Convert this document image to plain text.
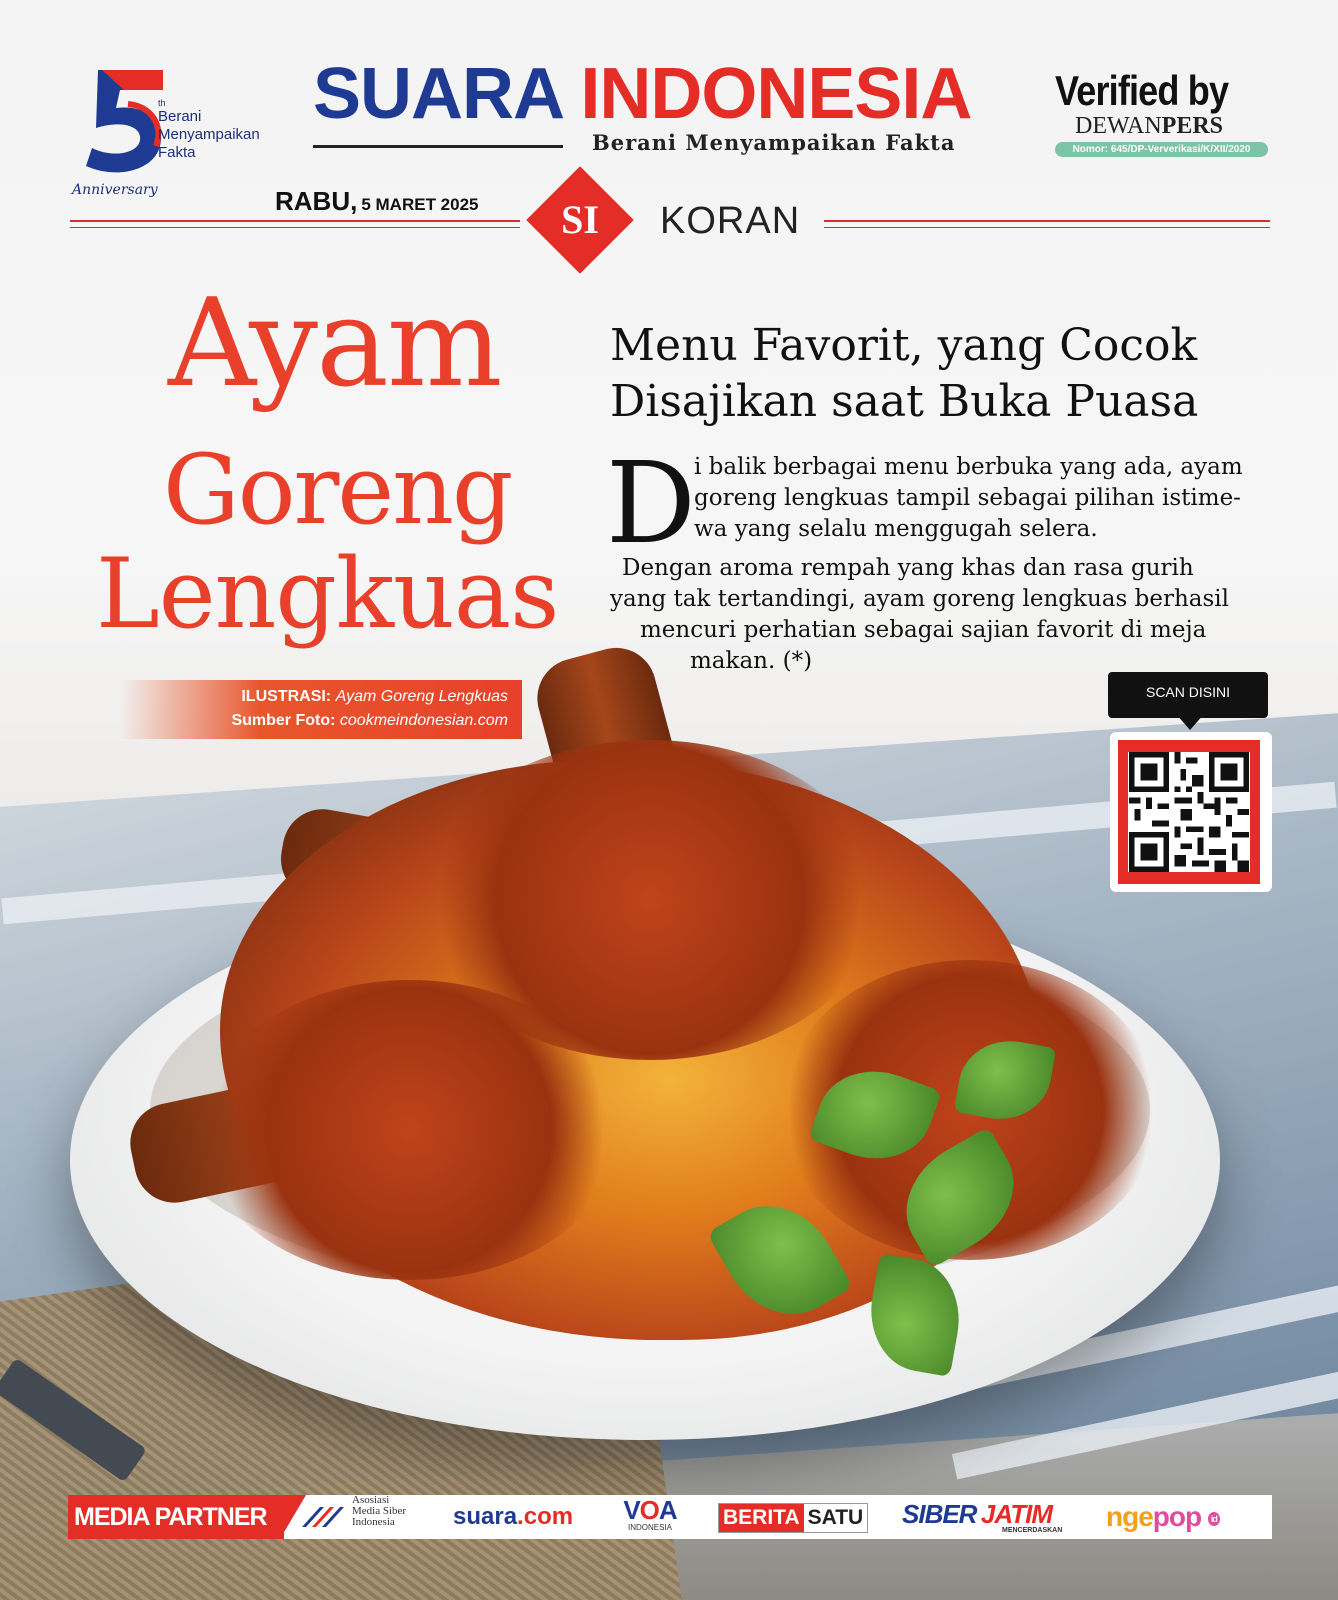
th
Berani
Menyampaikan
Fakta
Anniversary
SUARA INDONESIA
Berani Menyampaikan Fakta
Verified by
DEWANPERS
Nomor: 645/DP-Ververikasi/K/XII/2020
RABU, 5 MARET 2025	SI	KORAN
Ayam
Goreng
Lengkuas
Menu Favorit, yang Cocok
Disajikan saat Buka Puasa
D
i balik berbagai menu berbuka yang ada, ayam
goreng lengkuas tampil sebagai pilihan istime-
wa yang selalu menggugah selera.
Dengan aroma rempah yang khas dan rasa gurih
yang tak tertandingi, ayam goreng lengkuas berhasil
mencuri perhatian sebagai sajian favorit di meja
makan. (*)
ILUSTRASI: Ayam Goreng Lengkuas
Sumber Foto: cookmeindonesian.com
SCAN DISINI
MEDIA PARTNER
Asosiasi
Media Siber
Indonesia	suara.com VOA
INDONESIA	BERITA SATU SIBER JATIM
MENCERDASKAN ngepop id
